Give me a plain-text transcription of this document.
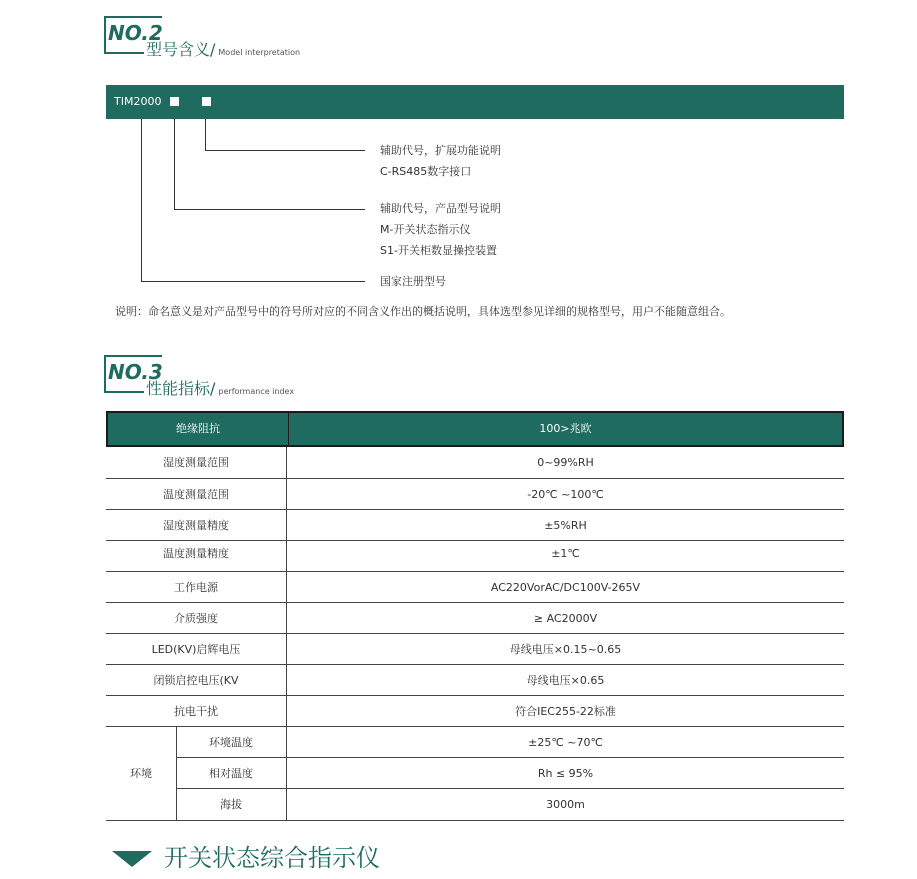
NO.2
型号含义/ Model interpretation
TIM2000
辅助代号，扩展功能说明
C-RS485数字接口
辅助代号，产品型号说明
M-开关状态指示仪
S1-开关柜数显操控装置
国家注册型号
说明：命名意义是对产品型号中的符号所对应的不同含义作出的概括说明，具体选型参见详细的规格型号，用户不能随意组合。
NO.3
性能指标/ performance index
绝缘阻抗	100>兆欧
湿度测量范围	0~99%RH
温度测量范围	-20℃ ~100℃
湿度测量精度	±5%RH
温度测量精度	±1℃
工作电源	AC220VorAC/DC100V-265V
介质强度	≥ AC2000V
LED(KV)启辉电压	母线电压×0.15~0.65
闭锁启控电压(KV	母线电压×0.65
抗电干扰	符合IEC255-22标准
环境
环境温度	±25℃ ~70℃
相对温度	Rh ≤ 95%
海拔	3000m
开关状态综合指示仪
